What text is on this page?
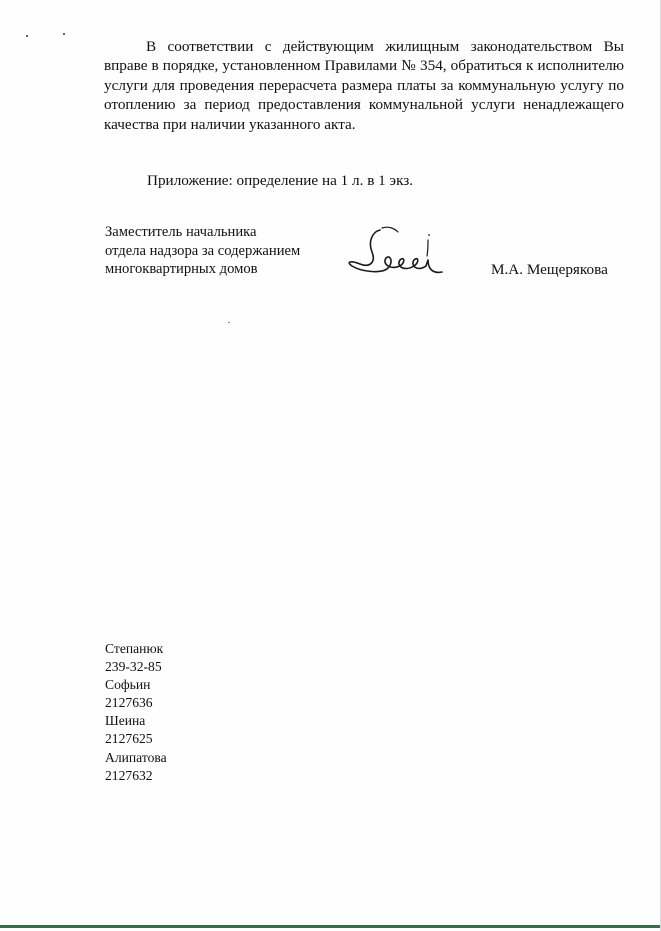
В соответствии с действующим жилищным законодательством Вы вправе в порядке, установленном Правилами № 354, обратиться к исполнителю услуги для проведения перерасчета размера платы за коммунальную услугу по отоплению за период предоставления коммунальной услуги ненадлежащего качества при наличии указанного акта.

Приложение: определение на 1 л. в 1 экз.

Заместитель начальника
отдела надзора за содержанием
многоквартирных домов	М.А. Мещерякова

Степанюк
239-32-85
Софьин
2127636
Шеина
2127625
Алипатова
2127632
